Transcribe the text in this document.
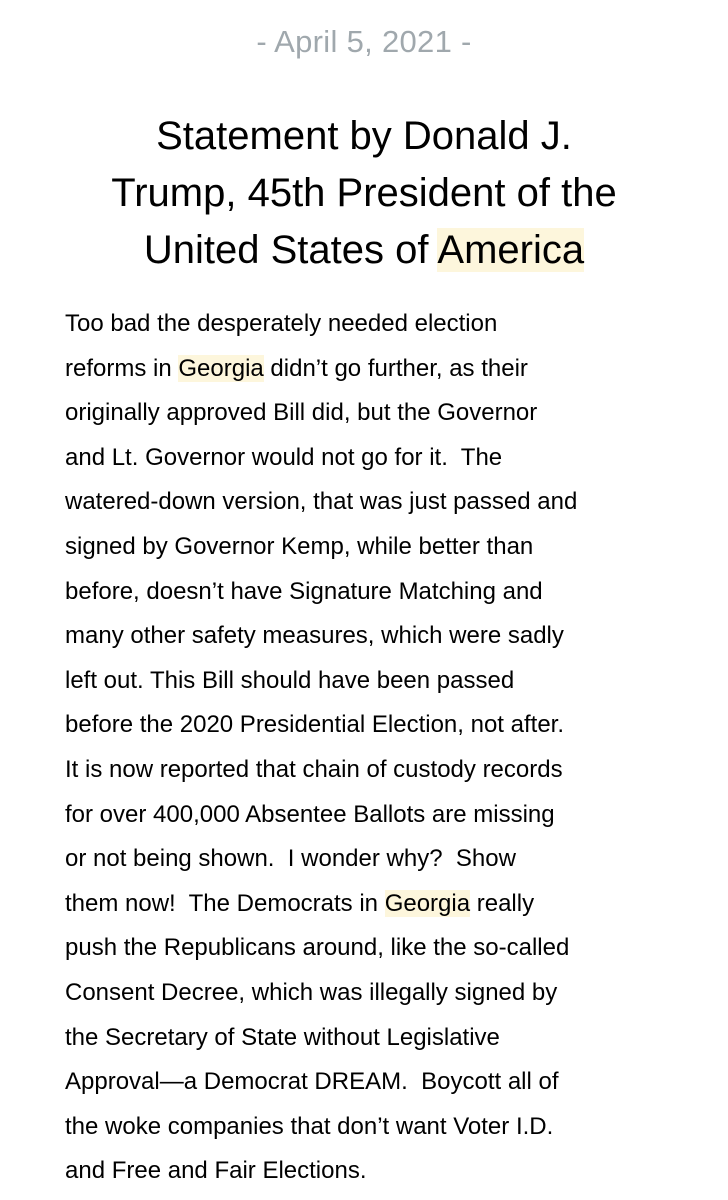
- April 5, 2021 -
Statement by Donald J.
Trump, 45th President of the
United States of America
Too bad the desperately needed election
reforms in Georgia didn’t go further, as their
originally approved Bill did, but the Governor
and Lt. Governor would not go for it.  The
watered-down version, that was just passed and
signed by Governor Kemp, while better than
before, doesn’t have Signature Matching and
many other safety measures, which were sadly
left out. This Bill should have been passed
before the 2020 Presidential Election, not after.
It is now reported that chain of custody records
for over 400,000 Absentee Ballots are missing
or not being shown.  I wonder why?  Show
them now!  The Democrats in Georgia really
push the Republicans around, like the so-called
Consent Decree, which was illegally signed by
the Secretary of State without Legislative
Approval—a Democrat DREAM.  Boycott all of
the woke companies that don’t want Voter I.D.
and Free and Fair Elections.
